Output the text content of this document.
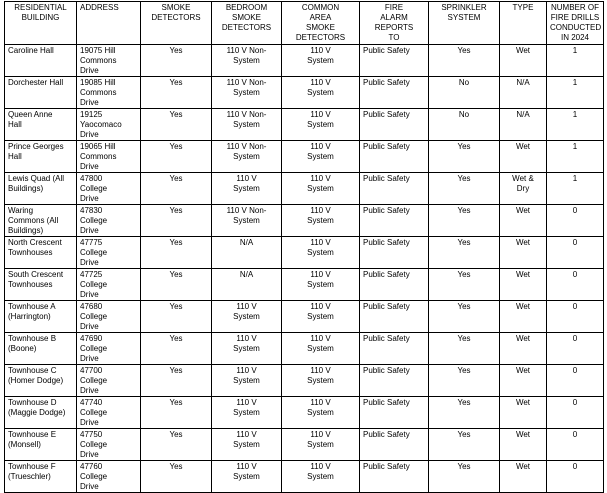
RESIDENTIAL
BUILDING	ADDRESS	SMOKE
DETECTORS	BEDROOM
SMOKE
DETECTORS	COMMON
AREA
SMOKE
DETECTORS	FIRE
ALARM
REPORTS
TO	SPRINKLER
SYSTEM	TYPE	NUMBER OF
FIRE DRILLS
CONDUCTED
IN 2024

Caroline Hall	19075 Hill
Commons
Drive	Yes	110 V Non-
System	110 V
System	Public Safety	Yes	Wet	1

Dorchester Hall	19085 Hill
Commons
Drive	Yes	110 V Non-
System	110 V
System	Public Safety	No	N/A	1

Queen Anne
Hall	19125
Yaocomaco
Drive	Yes	110 V Non-
System	110 V
System	Public Safety	No	N/A	1

Prince Georges
Hall	19065 Hill
Commons
Drive	Yes	110 V Non-
System	110 V
System	Public Safety	Yes	Wet	1

Lewis Quad (All
Buildings)	47800
College
Drive	Yes	110 V
System	110 V
System	Public Safety	Yes	Wet &
Dry	1

Waring
Commons (All
Buildings)	47830
College
Drive	Yes	110 V Non-
System	110 V
System	Public Safety	Yes	Wet	0

North Crescent
Townhouses	47775
College
Drive	Yes	N/A	110 V
System	Public Safety	Yes	Wet	0

South Crescent
Townhouses	47725
College
Drive	Yes	N/A	110 V
System	Public Safety	Yes	Wet	0

Townhouse A
(Harrington)	47680
College
Drive	Yes	110 V
System	110 V
System	Public Safety	Yes	Wet	0

Townhouse B
(Boone)	47690
College
Drive	Yes	110 V
System	110 V
System	Public Safety	Yes	Wet	0

Townhouse C
(Homer Dodge)	47700
College
Drive	Yes	110 V
System	110 V
System	Public Safety	Yes	Wet	0

Townhouse D
(Maggie Dodge)	47740
College
Drive	Yes	110 V
System	110 V
System	Public Safety	Yes	Wet	0

Townhouse E
(Monsell)	47750
College
Drive	Yes	110 V
System	110 V
System	Public Safety	Yes	Wet	0

Townhouse F
(Trueschler)	47760
College
Drive	Yes	110 V
System	110 V
System	Public Safety	Yes	Wet	0
